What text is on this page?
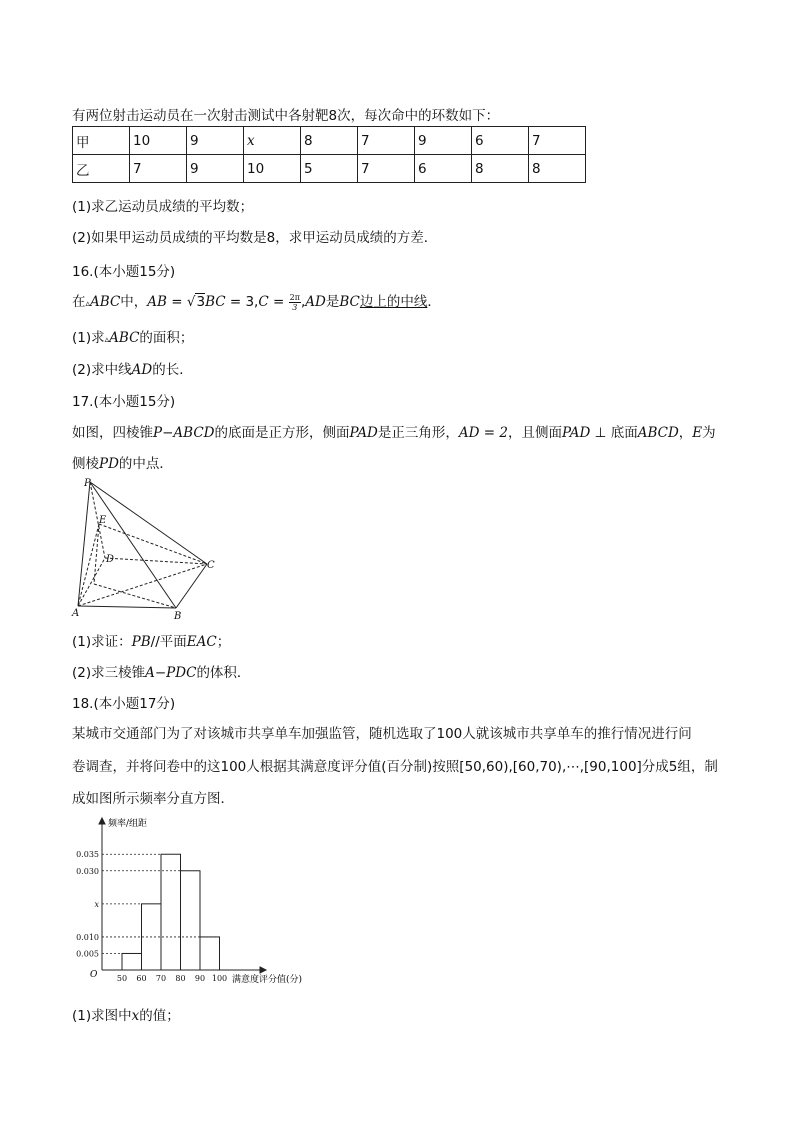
有两位射击运动员在一次射击测试中各射靶8次，每次命中的环数如下：
甲	10	9	x	8	7	9	6	7
乙	7	9	10	5	7	6	8	8
(1)求乙运动员成绩的平均数；
(2)如果甲运动员成绩的平均数是8，求甲运动员成绩的方差．
16.(本小题15分)
在▵ABC中，AB = $√3BC = 3,C = \frac{2\pi}{3} ,AD$是BC边上的中线．
(1)求▵ABC的面积；
(2)求中线AD的长．
17.(本小题15分)
如图，四棱锥P−ABCD的底面是正方形，侧面PAD是正三角形，AD = 2，且侧面PAD ⊥ 底面ABCD，E为
侧棱PD的中点．
P
E
D
C
A	B
(1)求证：PB//平面EAC；
(2)求三棱锥A−PDC的体积．
18.(本小题17分)
某城市交通部门为了对该城市共享单车加强监管，随机选取了100人就该城市共享单车的推行情况进行问
卷调查，并将问卷中的这100人根据其满意度评分值(百分制)按照[50,60),[60,70),⋯,[90,100]分成5组，制
成如图所示频率分直方图．
0.005
0.010
x
0.030
0.035
50 60 70 80 90 100
频率/组距
满意度评分值(分)
O
(1)求图中x的值；
